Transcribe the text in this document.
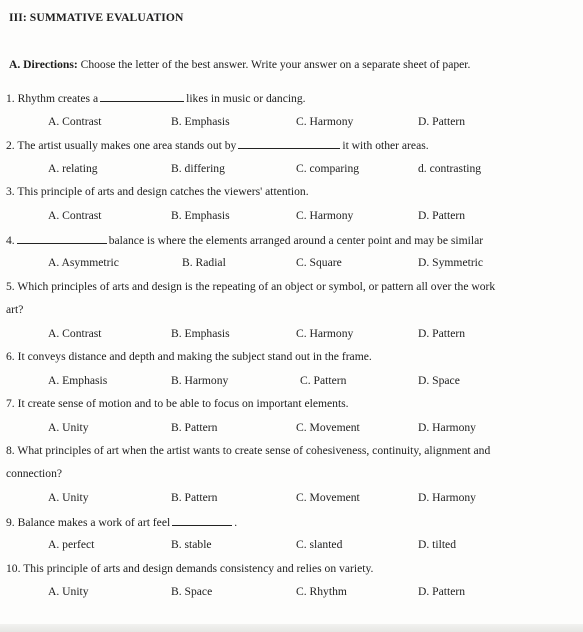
III: SUMMATIVE EVALUATION
A. Directions: Choose the letter of the best answer. Write your answer on a separate sheet of paper.
1. Rhythm creates a	likes in music or dancing.
A. Contrast	B. Emphasis	C. Harmony	D. Pattern
2. The artist usually makes one area stands out by	it with other areas.
A. relating	B. differing	C. comparing	d. contrasting
3. This principle of arts and design catches the viewers' attention.
A. Contrast	B. Emphasis	C. Harmony	D. Pattern
4.	balance is where the elements arranged around a center point and may be similar
A. Asymmetric	B. Radial	C. Square	D. Symmetric
5. Which principles of arts and design is the repeating of an object or symbol, or pattern all over the work
art?
A. Contrast	B. Emphasis	C. Harmony	D. Pattern
6. It conveys distance and depth and making the subject stand out in the frame.
A. Emphasis	B. Harmony	C. Pattern	D. Space
7. It create sense of motion and to be able to focus on important elements.
A. Unity	B. Pattern	C. Movement	D. Harmony
8. What principles of art when the artist wants to create sense of cohesiveness, continuity, alignment and
connection?
A. Unity	B. Pattern	C. Movement	D. Harmony
9. Balance makes a work of art feel	.
A. perfect	B. stable	C. slanted	D. tilted
10. This principle of arts and design demands consistency and relies on variety.
A. Unity	B. Space	C. Rhythm	D. Pattern
